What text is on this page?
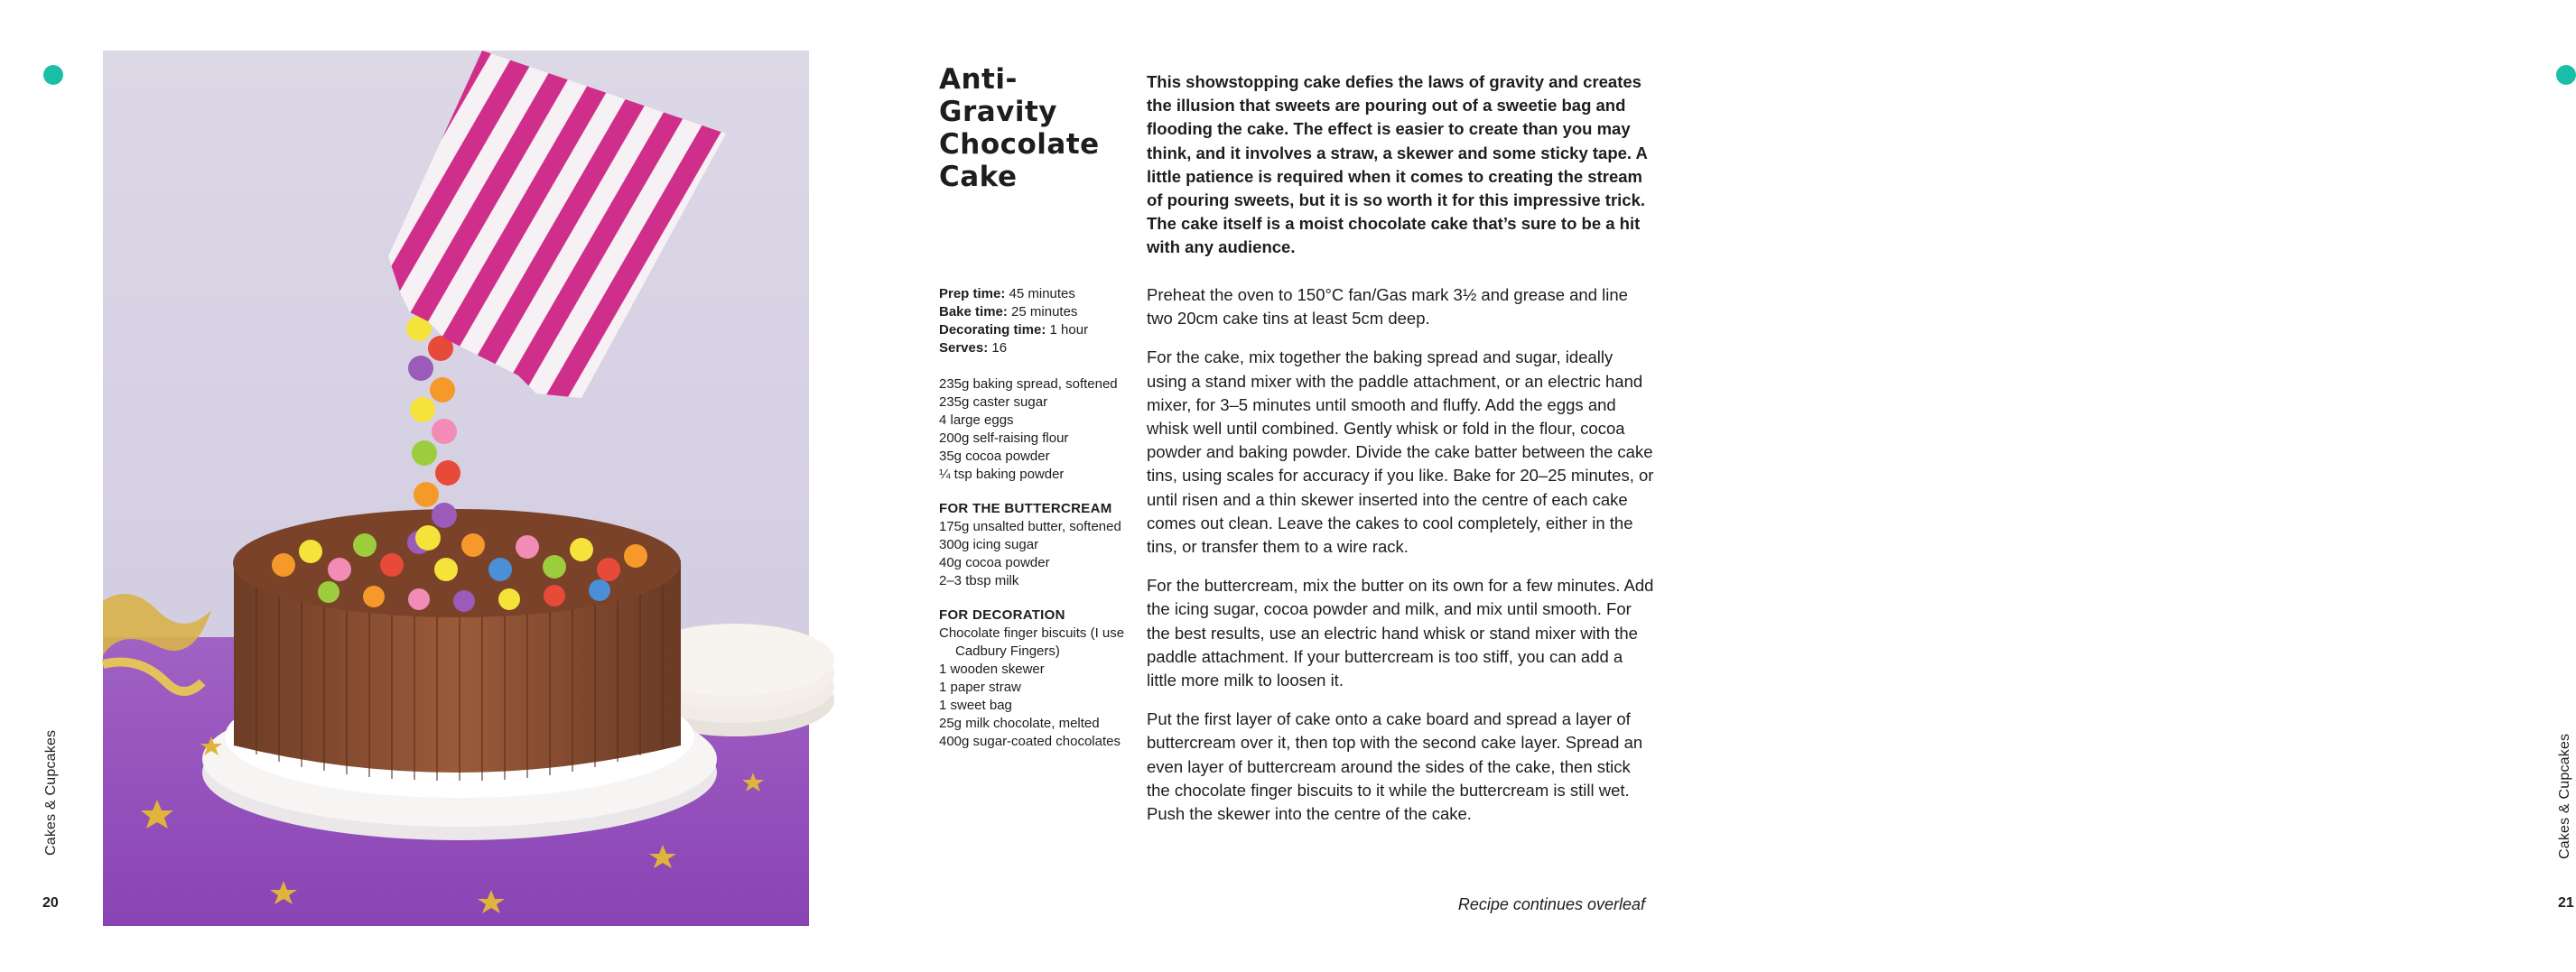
Cakes & Cupcakes
20
Cakes & Cupcakes
21
Anti-
Gravity
Chocolate
Cake

This showstopping cake defies the laws of gravity and creates the illusion that sweets are pouring out of a sweetie bag and flooding the cake. The effect is easier to create than you may think, and it involves a straw, a skewer and some sticky tape. A little patience is required when it comes to creating the stream of pouring sweets, but it is so worth it for this impressive trick. The cake itself is a moist chocolate cake that’s sure to be a hit with any audience.

Prep time: 45 minutes
Bake time: 25 minutes
Decorating time: 1 hour
Serves: 16
235g baking spread, softened
235g caster sugar
4 large eggs
200g self-raising flour
35g cocoa powder
¼ tsp baking powder
FOR THE BUTTERCREAM
175g unsalted butter, softened
300g icing sugar
40g cocoa powder
2–3 tbsp milk
FOR DECORATION
Chocolate finger biscuits (I use Cadbury Fingers)
1 wooden skewer
1 paper straw
1 sweet bag
25g milk chocolate, melted
400g sugar-coated chocolates

Preheat the oven to 150°C fan/Gas mark 3½ and grease and line two 20cm cake tins at least 5cm deep.

For the cake, mix together the baking spread and sugar, ideally using a stand mixer with the paddle attachment, or an electric hand mixer, for 3–5 minutes until smooth and fluffy. Add the eggs and whisk well until combined. Gently whisk or fold in the flour, cocoa powder and baking powder. Divide the cake batter between the cake tins, using scales for accuracy if you like. Bake for 20–25 minutes, or until risen and a thin skewer inserted into the centre of each cake comes out clean. Leave the cakes to cool completely, either in the tins, or transfer them to a wire rack.

For the buttercream, mix the butter on its own for a few minutes. Add the icing sugar, cocoa powder and milk, and mix until smooth. For the best results, use an electric hand whisk or stand mixer with the paddle attachment. If your buttercream is too stiff, you can add a little more milk to loosen it.

Put the first layer of cake onto a cake board and spread a layer of buttercream over it, then top with the second cake layer. Spread an even layer of buttercream around the sides of the cake, then stick the chocolate finger biscuits to it while the buttercream is still wet. Push the skewer into the centre of the cake.

Recipe continues overleaf
